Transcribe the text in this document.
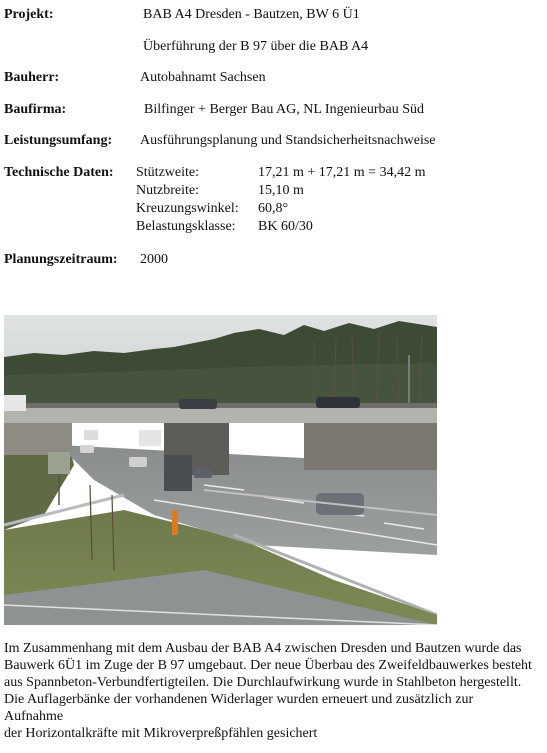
Projekt:	BAB A4 Dresden - Bautzen, BW 6 Ü1
Überführung der B 97 über die BAB A4
Bauherr:	Autobahnamt Sachsen
Baufirma:	Bilfinger + Berger Bau AG, NL Ingenieurbau Süd
Leistungsumfang: Ausführungsplanung und Standsicherheitsnachweise
Technische Daten: Stützweite:	17,21 m + 17,21 m = 34,42 m
Nutzbreite:	15,10 m
Kreuzungswinkel: 60,8°
Belastungsklasse: BK 60/30
Planungszeitraum: 2000
Im Zusammenhang mit dem Ausbau der BAB A4 zwischen Dresden und Bautzen wurde das
Bauwerk 6Ü1 im Zuge der B 97 umgebaut. Der neue Überbau des Zweifeldbauwerkes besteht
aus Spannbeton-Verbundfertigteilen. Die Durchlaufwirkung wurde in Stahlbeton hergestellt.
Die Auflagerbänke der vorhandenen Widerlager wurden erneuert und zusätzlich zur
Aufnahme
der Horizontalkräfte mit Mikroverpreßpfählen gesichert
